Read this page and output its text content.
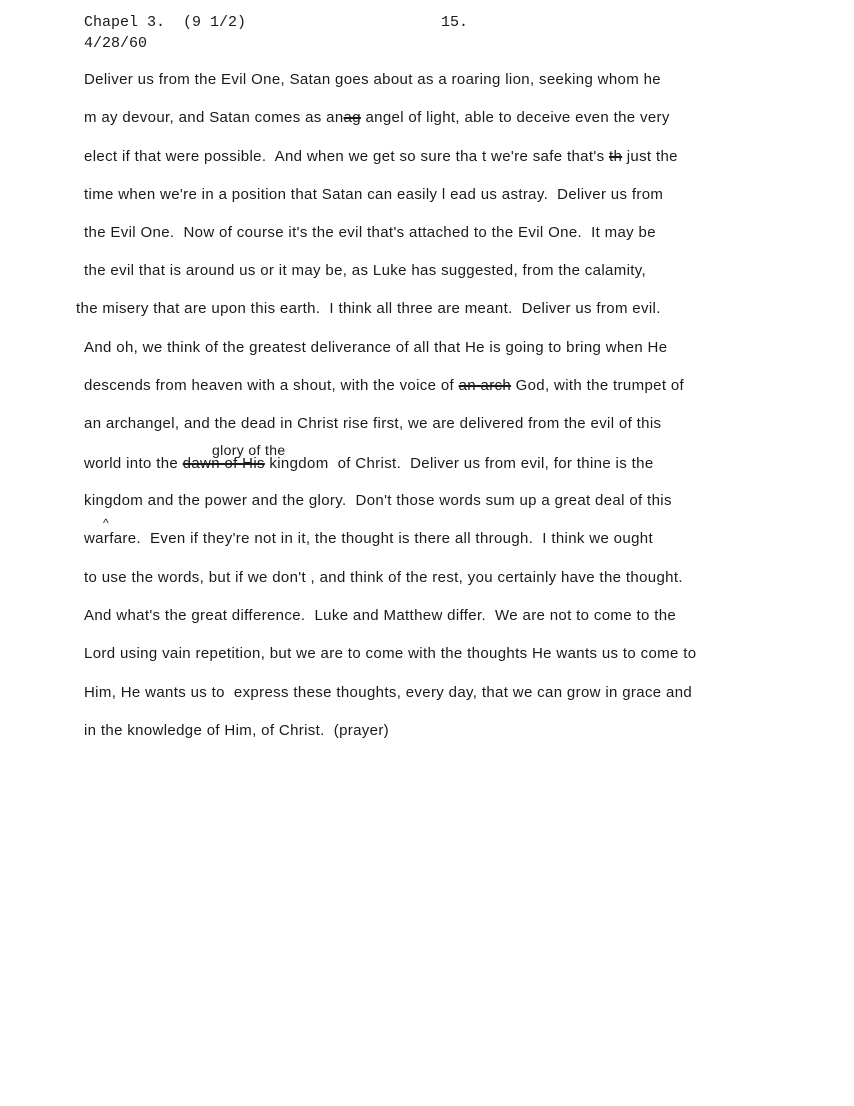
Chapel 3.  (9 1/2)
4/28/60
15.
Deliver us from the Evil One, Satan goes about as a roaring lion, seeking whom he
m ay devour, and Satan comes as anag angel of light, able to deceive even the very
elect if that were possible.  And when we get so sure tha t we're safe that's th just the
time when we're in a position that Satan can easily l ead us astray.  Deliver us from
the Evil One.  Now of course it's the evil that's attached to the Evil One.  It may be
the evil that is around us or it may be, as Luke has suggested, from the calamity,
the misery that are upon this earth.  I think all three are meant.  Deliver us from evil.
And oh, we think of the greatest deliverance of all that He is going to bring when He
descends from heaven with a shout, with the voice of an arch God, with the trumpet of
an archangel, and the dead in Christ rise first, we are delivered from the evil of this
glory of the
world into the dawn of His kingdom  of Christ.  Deliver us from evil, for thine is the
kingdom and the power and the glory.  Don't those words sum up a great deal of this
^
warfare.  Even if they're not in it, the thought is there all through.  I think we ought
to use the words, but if we don't , and think of the rest, you certainly have the thought.
And what's the great difference.  Luke and Matthew differ.  We are not to come to the
Lord using vain repetition, but we are to come with the thoughts He wants us to come to
Him, He wants us to  express these thoughts, every day, that we can grow in grace and
in the knowledge of Him, of Christ.  (prayer)
